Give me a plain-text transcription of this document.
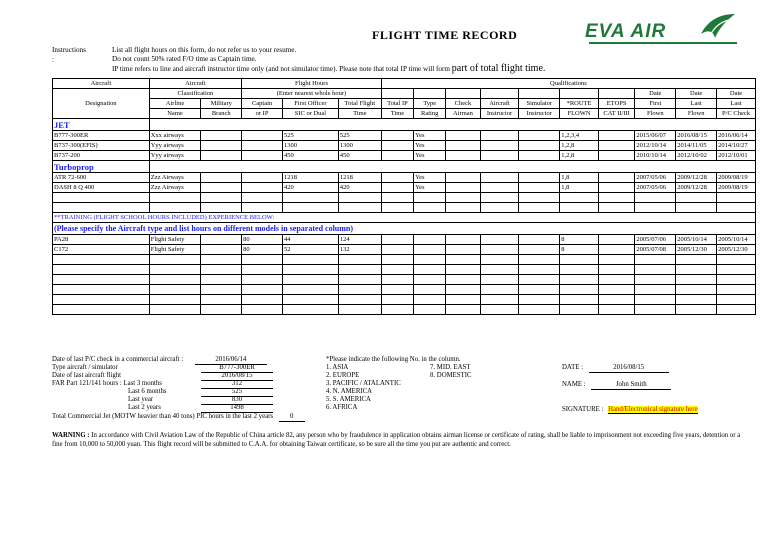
FLIGHT TIME RECORD	EVA AIR
Instructions :
List all flight hours on this form, do not refer us to your resume.
Do not count 50% rated F/O time as Captain time.
IP time refers to line and aircraft instructor time only (and not simulator time). Please note that total IP time will form part of total flight time.
Aircraft	Aircraft		Flight Hours			Qualifications									
Designation	Classification		(Enter nearest whole hour)										Date	Date	Date
	Airline	Military	Captain	First Officer	Total Flight	Total IP	Type	Check	Aircraft	Simulator	*ROUTE	ETOPS	First	Last	Last
	Name	Branch	or IP	SIC or Dual	Time	Time	Rating	Airman	Instructor	Instructor	FLOWN	CAT II/III	Flown	Flown	P/C Check
JET															
B777-300ER	Xxx airways			525	525		Yes				1,2,3,4		2015/06/07	2016/08/15	2016/06/14
B737-300(EFIS)	Yyy airways			1300	1300		Yes				1,2,8		2012/10/14	2014/11/05	2014/10/27
B737-200	Yyy airways			450	450		Yes				1,2,8		2010/10/14	2012/10/02	2012/10/01
Turboprop															
ATR 72-600	Zzz Airways			1218	1218		Yes				1,8		2007/05/06	2009/12/28	2009/08/19
DASH 8 Q 400	Zzz Airways			420	420		Yes				1,8		2007/05/06	2009/12/28	2009/08/19

**TRAINING (FLIGHT SCHOOL HOURS INCLUDED) EXPERIENCE BELOW:															
(Please specify the Aircraft type and list hours on different models in separated column)															
PA28	Flight Safety		80	44	124						8		2005/07/06	2005/10/14	2005/10/14
C172	Flight Safety		80	52	132						8		2005/07/08	2005/12/30	2005/12/30

Date of last P/C check in a commercial aircraft :	2016/06/14
Type aircraft / simulator	B777-300ER
Date of last aircraft flight	2016/08/15
FAR Part 121/141 hours : Last 3 months	312
Last 6 months	525
Last year	830
Last 2 years	1498
Total Commercial Jet (MOTW heavier than 40 tons) PIC hours in the last 2 years	0
*Please indicate the following No. in the column.
1. ASIA
2. EUROPE
3. PACIFIC / ATALANTIC
4. N. AMERICA
5. S. AMERICA
6. AFRICA
7. MID. EAST
8. DOMESTIC
DATE :	2016/08/15
NAME :	John Smith
SIGNATURE : Hand/Electronical signature here
WARNING : In accordance with Civil Aviation Law of the Republic of China article 82, any person who by fraudulence in application obtains airman license or certificate of rating, shall be liable to imprisonment not exceeding five years, detention or a fine from 10,000 to 50,000 yuan. This flight record will be submitted to C.A.A. for obtaining Taiwan certificate, so be sure all the time you put are authentic and correct.
